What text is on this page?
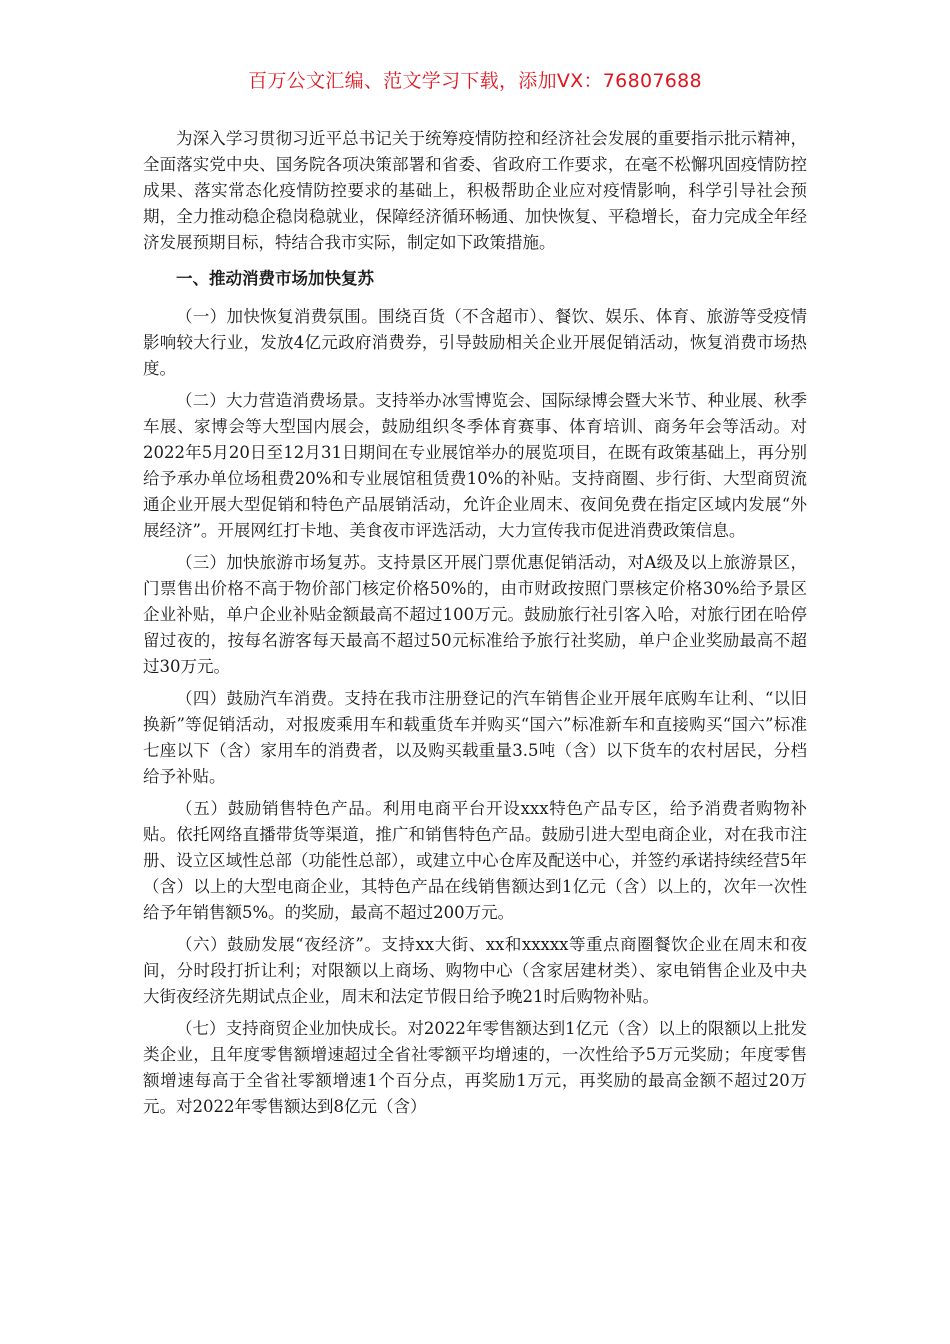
百万公文汇编、范文学习下载，添加VX：76807688

为深入学习贯彻习近平总书记关于统筹疫情防控和经济社会发展的重要指示批示精神，全面落实党中央、国务院各项决策部署和省委、省政府工作要求，在毫不松懈巩固疫情防控成果、落实常态化疫情防控要求的基础上，积极帮助企业应对疫情影响，科学引导社会预期，全力推动稳企稳岗稳就业，保障经济循环畅通、加快恢复、平稳增长，奋力完成全年经济发展预期目标，特结合我市实际，制定如下政策措施。

一、推动消费市场加快复苏

（一）加快恢复消费氛围。围绕百货（不含超市）、餐饮、娱乐、体育、旅游等受疫情影响较大行业，发放4亿元政府消费券，引导鼓励相关企业开展促销活动，恢复消费市场热度。

（二）大力营造消费场景。支持举办冰雪博览会、国际绿博会暨大米节、种业展、秋季车展、家博会等大型国内展会，鼓励组织冬季体育赛事、体育培训、商务年会等活动。对2022年5月20日至12月31日期间在专业展馆举办的展览项目，在既有政策基础上，再分别给予承办单位场租费20%和专业展馆租赁费10%的补贴。支持商圈、步行街、大型商贸流通企业开展大型促销和特色产品展销活动，允许企业周末、夜间免费在指定区域内发展“外展经济”。开展网红打卡地、美食夜市评选活动，大力宣传我市促进消费政策信息。

（三）加快旅游市场复苏。支持景区开展门票优惠促销活动，对A级及以上旅游景区，门票售出价格不高于物价部门核定价格50%的，由市财政按照门票核定价格30%给予景区企业补贴，单户企业补贴金额最高不超过100万元。鼓励旅行社引客入哈，对旅行团在哈停留过夜的，按每名游客每天最高不超过50元标准给予旅行社奖励，单户企业奖励最高不超过30万元。

（四）鼓励汽车消费。支持在我市注册登记的汽车销售企业开展年底购车让利、“以旧换新”等促销活动，对报废乘用车和载重货车并购买“国六”标准新车和直接购买“国六”标准七座以下（含）家用车的消费者，以及购买载重量3.5吨（含）以下货车的农村居民，分档给予补贴。

（五）鼓励销售特色产品。利用电商平台开设xxx特色产品专区，给予消费者购物补贴。依托网络直播带货等渠道，推广和销售特色产品。鼓励引进大型电商企业，对在我市注册、设立区域性总部（功能性总部），或建立中心仓库及配送中心，并签约承诺持续经营5年（含）以上的大型电商企业，其特色产品在线销售额达到1亿元（含）以上的，次年一次性给予年销售额5%。的奖励，最高不超过200万元。

（六）鼓励发展“夜经济”。支持xx大街、xx和xxxxx等重点商圈餐饮企业在周末和夜间，分时段打折让利；对限额以上商场、购物中心（含家居建材类）、家电销售企业及中夬大街夜经济先期试点企业，周末和法定节假日给予晚21时后购物补贴。

（七）支持商贸企业加快成长。对2022年零售额达到1亿元（含）以上的限额以上批发类企业，且年度零售额增速超过全省社零额平均增速的，一次性给予5万元奖励；年度零售额增速每高于全省社零额增速1个百分点，再奖励1万元，再奖励的最高金额不超过20万元。对2022年零售额达到8亿元（含）
